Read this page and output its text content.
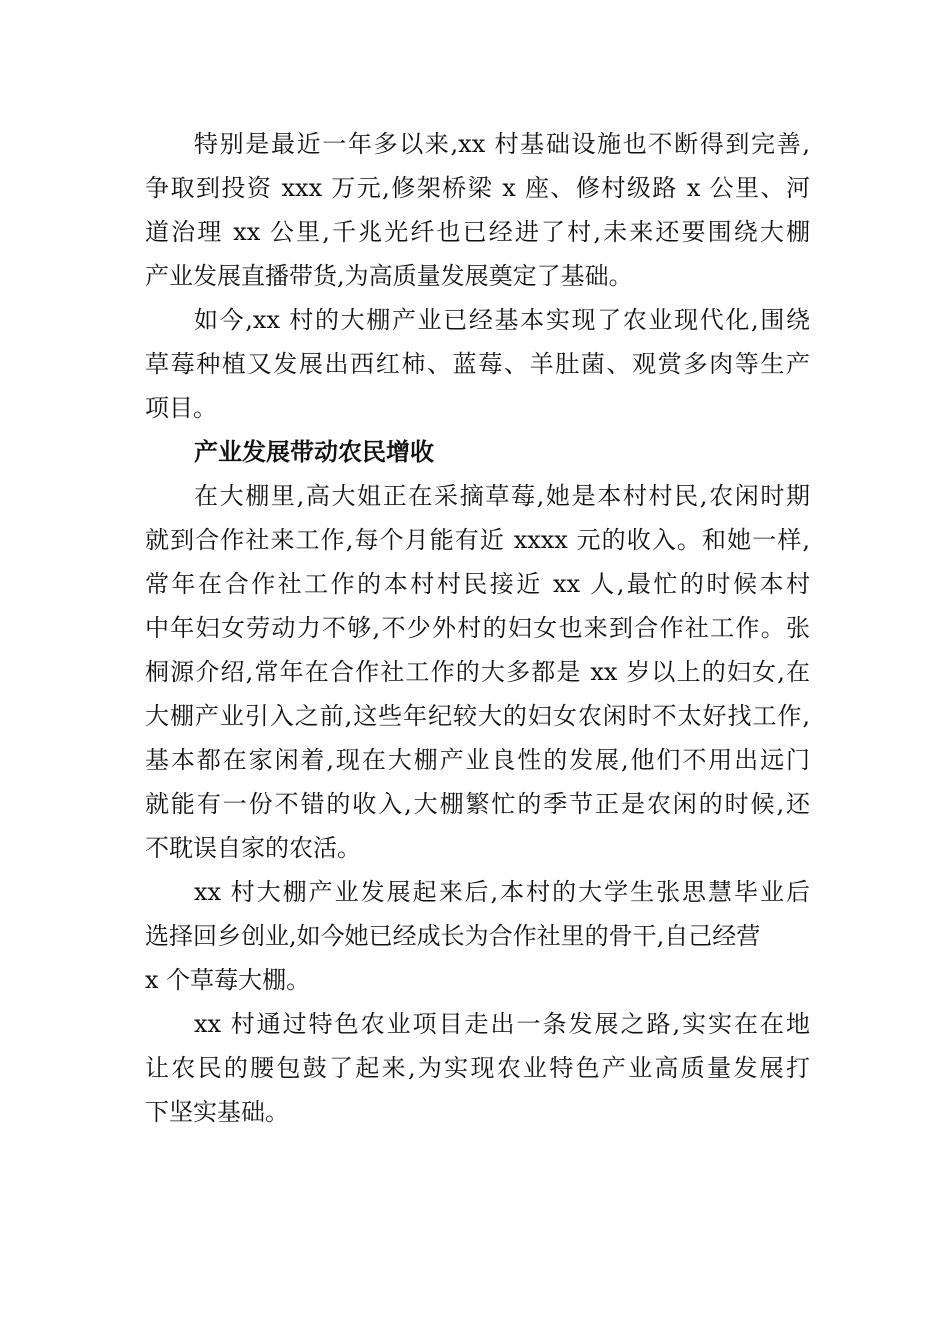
特别是最近一年多以来,xx 村基础设施也不断得到完善,
争取到投资 xxx 万元,修架桥梁 x 座、修村级路 x 公里、河
道治理 xx 公里,千兆光纤也已经进了村,未来还要围绕大棚
产业发展直播带货,为高质量发展奠定了基础。
如今,xx 村的大棚产业已经基本实现了农业现代化,围绕
草莓种植又发展出西红柿、蓝莓、羊肚菌、观赏多肉等生产
项目。
产业发展带动农民增收
在大棚里,高大姐正在采摘草莓,她是本村村民,农闲时期
就到合作社来工作,每个月能有近 xxxx 元的收入。和她一样,
常年在合作社工作的本村村民接近 xx 人,最忙的时候本村
中年妇女劳动力不够,不少外村的妇女也来到合作社工作。张
桐源介绍,常年在合作社工作的大多都是 xx 岁以上的妇女,在
大棚产业引入之前,这些年纪较大的妇女农闲时不太好找工作,
基本都在家闲着,现在大棚产业良性的发展,他们不用出远门
就能有一份不错的收入,大棚繁忙的季节正是农闲的时候,还
不耽误自家的农活。
xx 村大棚产业发展起来后,本村的大学生张思慧毕业后
选择回乡创业,如今她已经成长为合作社里的骨干,自己经营
x 个草莓大棚。
xx 村通过特色农业项目走出一条发展之路,实实在在地
让农民的腰包鼓了起来,为实现农业特色产业高质量发展打
下坚实基础。
